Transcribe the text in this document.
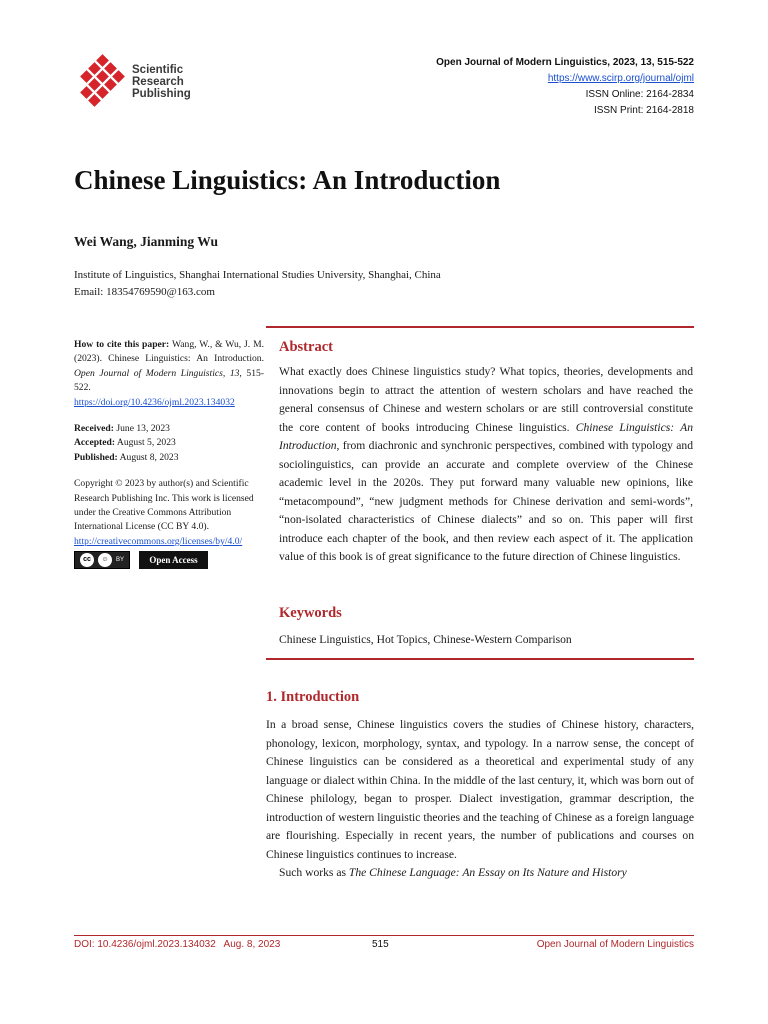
Scientific
Research
Publishing
Open Journal of Modern Linguistics, 2023, 13, 515-522
https://www.scirp.org/journal/ojml
ISSN Online: 2164-2834
ISSN Print: 2164-2818
Chinese Linguistics: An Introduction
Wei Wang, Jianming Wu
Institute of Linguistics, Shanghai International Studies University, Shanghai, China
Email: 18354769590@163.com

How to cite this paper: Wang, W., & Wu, J. M. (2023). Chinese Linguistics: An Introduction. Open Journal of Modern Linguistics, 13, 515-522.
https://doi.org/10.4236/ojml.2023.134032

Received: June 13, 2023
Accepted: August 5, 2023
Published: August 8, 2023

Copyright © 2023 by author(s) and Scientific Research Publishing Inc. This work is licensed under the Creative Commons Attribution International License (CC BY 4.0).
http://creativecommons.org/licenses/by/4.0/

cc	☺	BY	Open Access
Abstract
What exactly does Chinese linguistics study? What topics, theories, developments and innovations begin to attract the attention of western scholars and have reached the general consensus of Chinese and western scholars or are still controversial constitute the core content of books introducing Chinese linguistics. Chinese Linguistics: An Introduction, from diachronic and synchronic perspectives, combined with typology and sociolinguistics, can provide an accurate and complete overview of the Chinese academic level in the 2020s. They put forward many valuable new opinions, like “metacompound”, “new judgment methods for Chinese derivation and semi-words”, “non-isolated characteristics of Chinese dialects” and so on. This paper will first introduce each chapter of the book, and then review each aspect of it. The application value of this book is of great significance to the future direction of Chinese linguistics.
Keywords
Chinese Linguistics, Hot Topics, Chinese-Western Comparison
1. Introduction
In a broad sense, Chinese linguistics covers the studies of Chinese history, characters, phonology, lexicon, morphology, syntax, and typology. In a narrow sense, the concept of Chinese linguistics can be considered as a theoretical and experimental study of any language or dialect within China. In the middle of the last century, it, which was born out of Chinese philology, began to prosper. Dialect investigation, grammar description, the introduction of western linguistic theories and the teaching of Chinese as a foreign language are flourishing. Especially in recent years, the number of publications and courses on Chinese linguistics continues to increase.
Such works as The Chinese Language: An Essay on Its Nature and History
DOI: 10.4236/ojml.2023.134032   Aug. 8, 2023	515	Open Journal of Modern Linguistics
